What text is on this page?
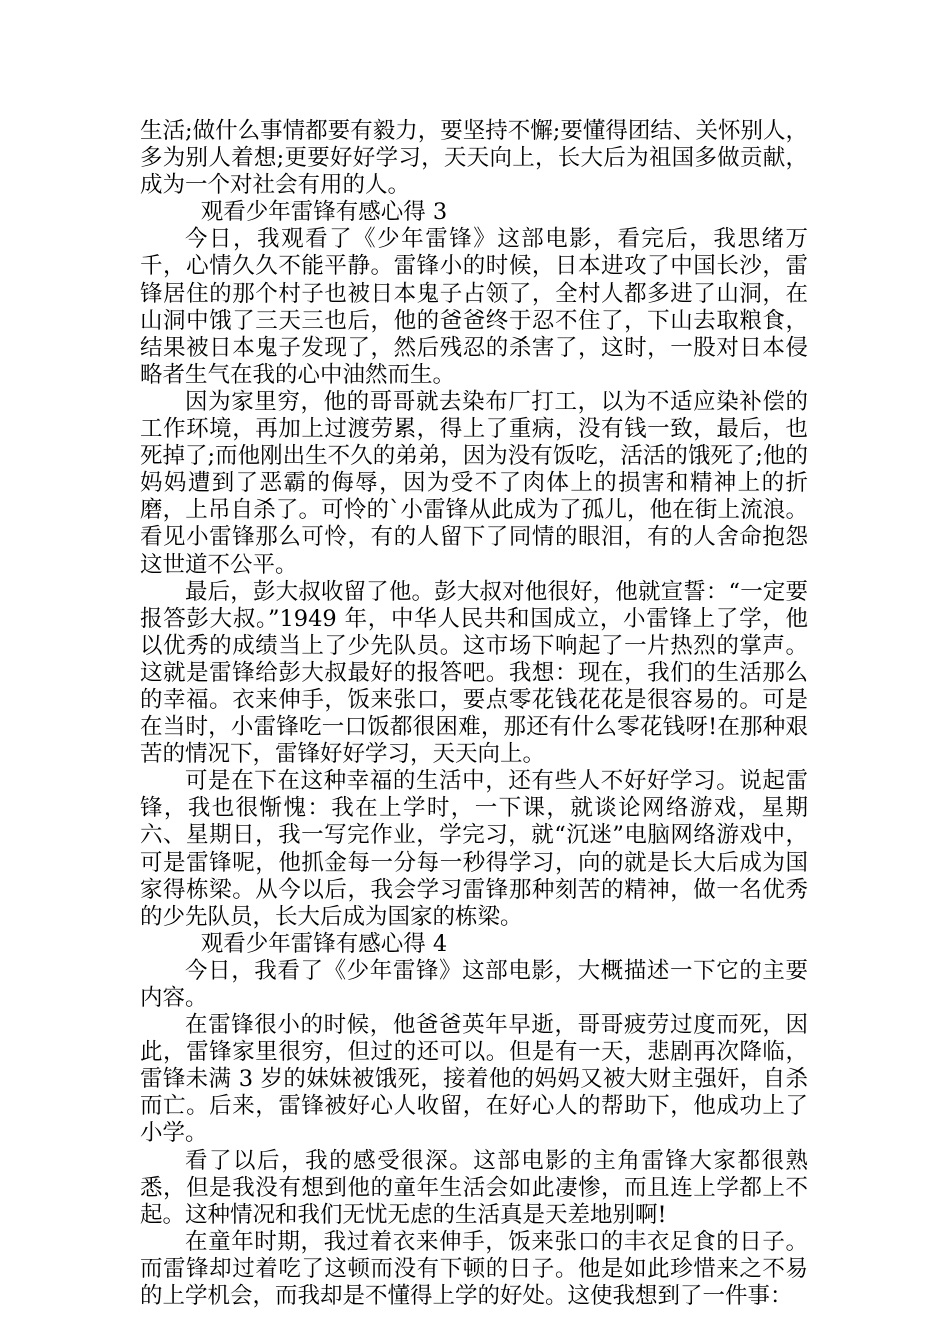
生活;做什么事情都要有毅力，要坚持不懈;要懂得团结、关怀别人，多为别人着想;更要好好学习，天天向上，长大后为祖国多做贡献，成为一个对社会有用的人。

观看少年雷锋有感心得 3

今日，我观看了《少年雷锋》这部电影，看完后，我思绪万千，心情久久不能平静。雷锋小的时候，日本进攻了中国长沙，雷锋居住的那个村子也被日本鬼子占领了，全村人都多进了山洞，在山洞中饿了三天三也后，他的爸爸终于忍不住了，下山去取粮食，结果被日本鬼子发现了，然后残忍的杀害了，这时，一股对日本侵略者生气在我的心中油然而生。

因为家里穷，他的哥哥就去染布厂打工，以为不适应染补偿的工作环境，再加上过渡劳累，得上了重病，没有钱一致，最后，也死掉了;而他刚出生不久的弟弟，因为没有饭吃，活活的饿死了;他的妈妈遭到了恶霸的侮辱，因为受不了肉体上的损害和精神上的折磨，上吊自杀了。可怜的`小雷锋从此成为了孤儿，他在街上流浪。看见小雷锋那么可怜，有的人留下了同情的眼泪，有的人舍命抱怨这世道不公平。

最后，彭大叔收留了他。彭大叔对他很好，他就宣誓：“一定要报答彭大叔。”1949 年，中华人民共和国成立，小雷锋上了学，他以优秀的成绩当上了少先队员。这市场下响起了一片热烈的掌声。这就是雷锋给彭大叔最好的报答吧。我想：现在，我们的生活那么的幸福。衣来伸手，饭来张口，要点零花钱花花是很容易的。可是在当时，小雷锋吃一口饭都很困难，那还有什么零花钱呀!在那种艰苦的情况下，雷锋好好学习，天天向上。

可是在下在这种幸福的生活中，还有些人不好好学习。说起雷锋，我也很惭愧：我在上学时，一下课，就谈论网络游戏，星期六、星期日，我一写完作业，学完习，就“沉迷”电脑网络游戏中，可是雷锋呢，他抓金每一分每一秒得学习，向的就是长大后成为国家得栋梁。从今以后，我会学习雷锋那种刻苦的精神，做一名优秀的少先队员，长大后成为国家的栋梁。

观看少年雷锋有感心得 4

今日，我看了《少年雷锋》这部电影，大概描述一下它的主要内容。

在雷锋很小的时候，他爸爸英年早逝，哥哥疲劳过度而死，因此，雷锋家里很穷，但过的还可以。但是有一天，悲剧再次降临，雷锋未满 3 岁的妹妹被饿死，接着他的妈妈又被大财主强奸，自杀而亡。后来，雷锋被好心人收留，在好心人的帮助下，他成功上了小学。

看了以后，我的感受很深。这部电影的主角雷锋大家都很熟悉，但是我没有想到他的童年生活会如此凄惨，而且连上学都上不起。这种情况和我们无忧无虑的生活真是天差地别啊!

在童年时期，我过着衣来伸手，饭来张口的丰衣足食的日子。而雷锋却过着吃了这顿而没有下顿的日子。他是如此珍惜来之不易的上学机会，而我却是不懂得上学的好处。这使我想到了一件事：
